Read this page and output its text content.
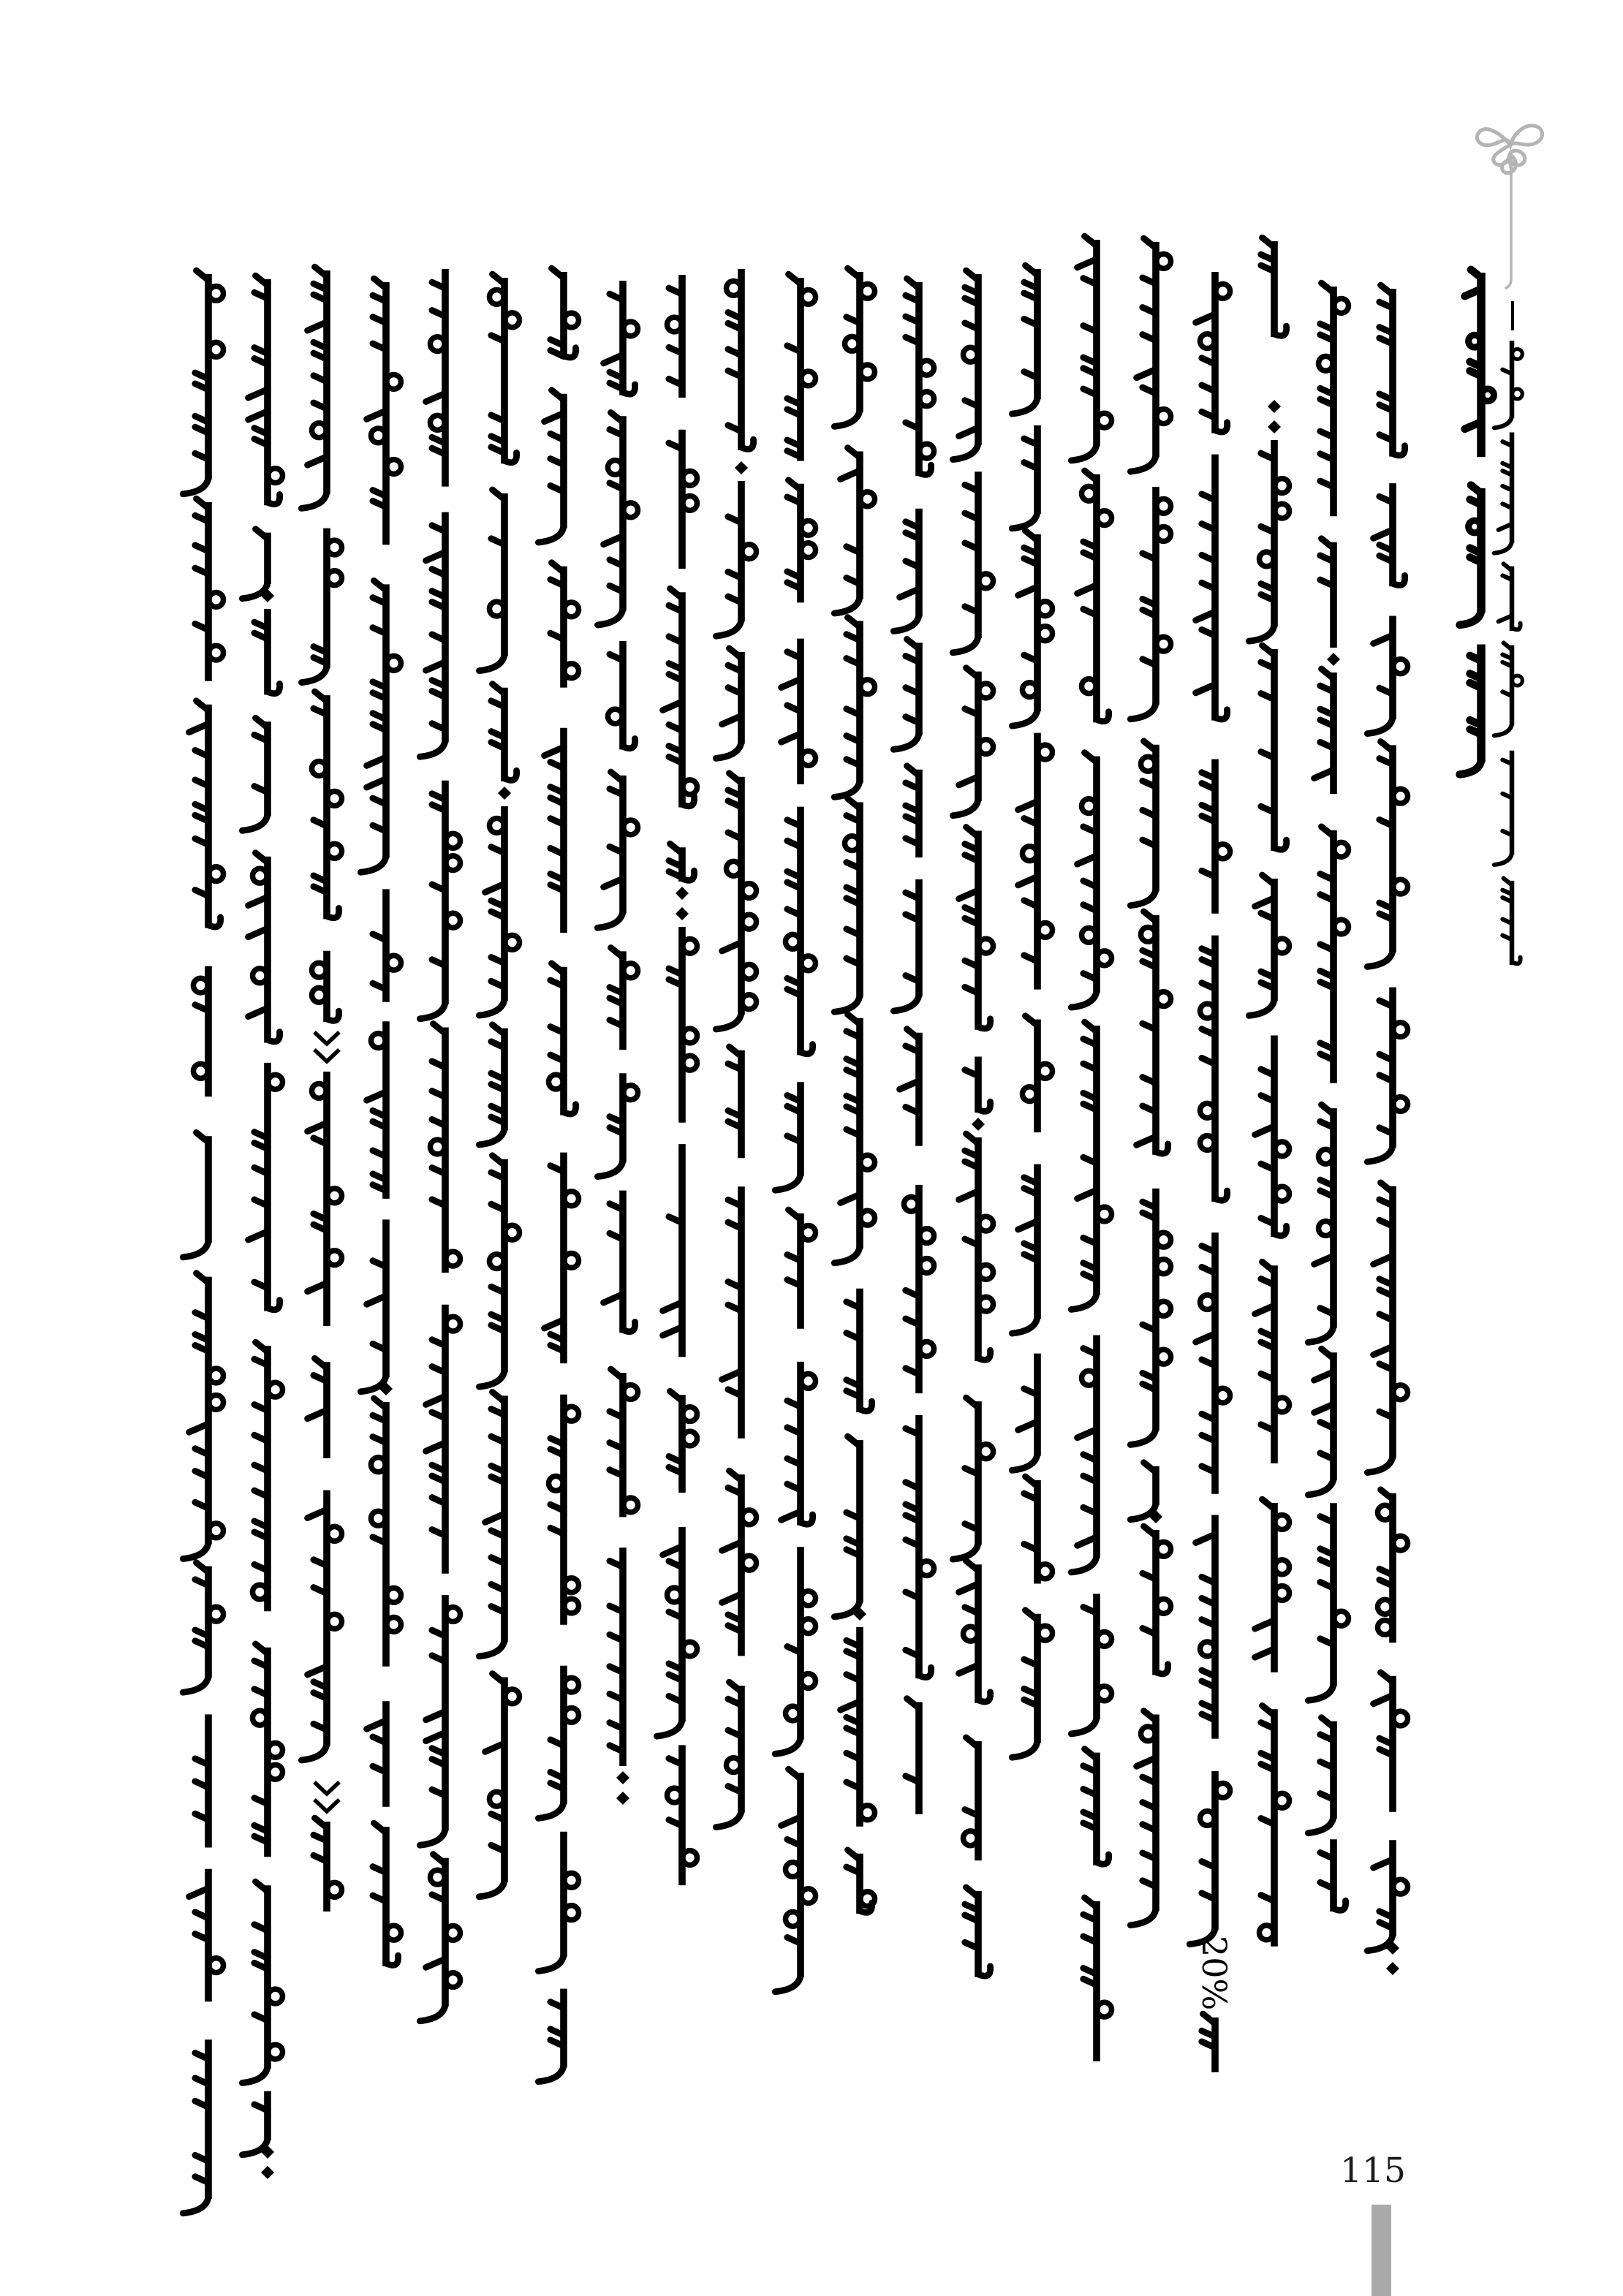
20%
115
